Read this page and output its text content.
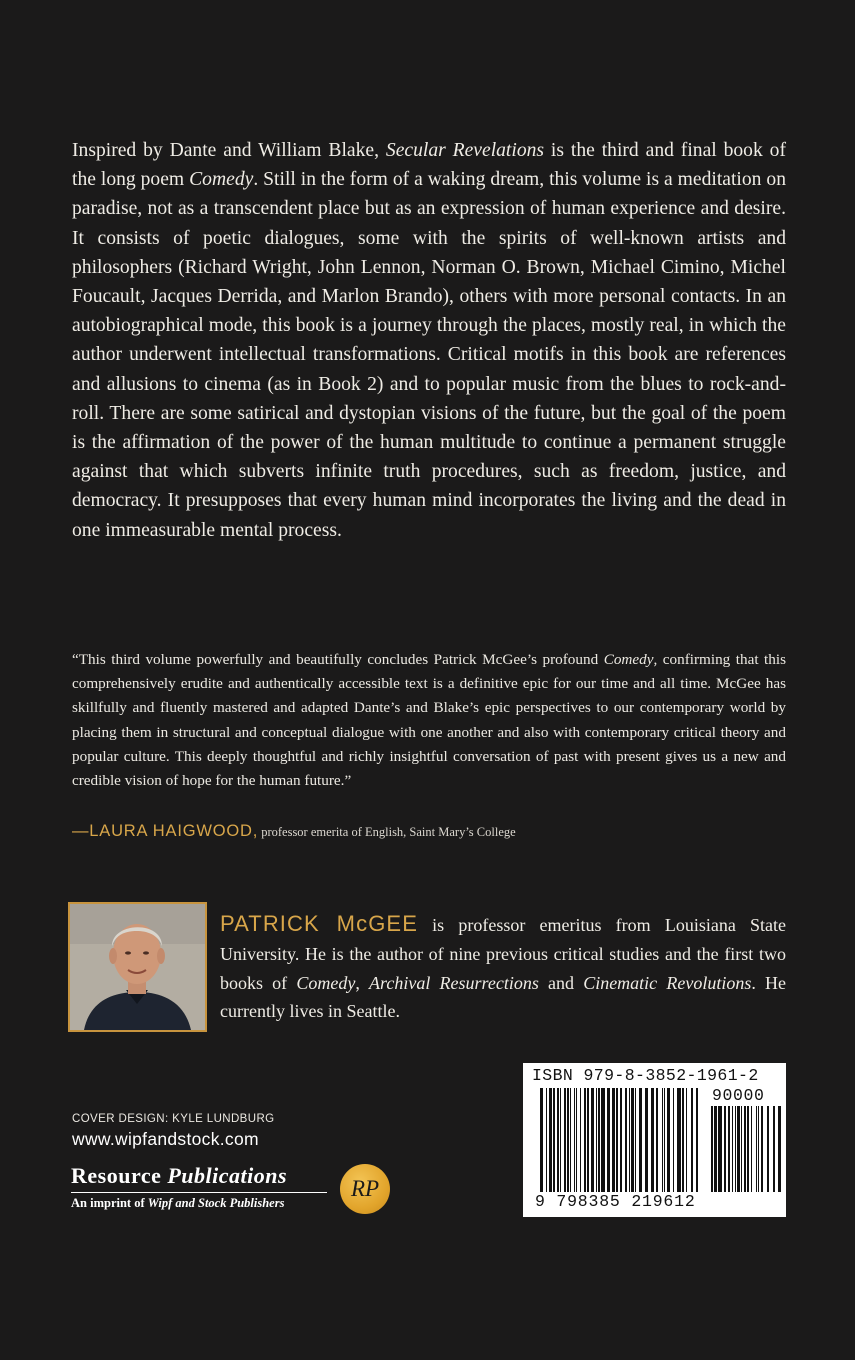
Inspired by Dante and William Blake, Secular Revelations is the third and final book of the long poem Comedy. Still in the form of a waking dream, this volume is a meditation on paradise, not as a transcendent place but as an expression of human experience and desire. It consists of poetic dialogues, some with the spirits of well-known artists and philosophers (Richard Wright, John Lennon, Norman O. Brown, Michael Cimino, Michel Foucault, Jacques Derrida, and Marlon Brando), others with more personal contacts. In an autobiographical mode, this book is a journey through the places, mostly real, in which the author underwent intellectual transformations. Critical motifs in this book are references and allusions to cinema (as in Book 2) and to popular music from the blues to rock-and-roll. There are some satirical and dystopian visions of the future, but the goal of the poem is the affirmation of the power of the human multitude to continue a permanent struggle against that which subverts infinite truth procedures, such as freedom, justice, and democracy. It presupposes that every human mind incorporates the living and the dead in one immeasurable mental process.

“This third volume powerfully and beautifully concludes Patrick McGee’s profound Comedy, confirming that this comprehensively erudite and authentically accessible text is a definitive epic for our time and all time. McGee has skillfully and fluently mastered and adapted Dante’s and Blake’s epic perspectives to our contemporary world by placing them in structural and conceptual dialogue with one another and also with contemporary critical theory and popular culture. This deeply thoughtful and richly insightful conversation of past with present gives us a new and credible vision of hope for the human future.”

—LAURA HAIGWOOD, professor emerita of English, Saint Mary’s College

PATRICK McGEE is professor emeritus from Louisiana State University. He is the author of nine previous critical studies and the first two books of Comedy, Archival Resurrections and Cinematic Revolutions. He currently lives in Seattle.

COVER DESIGN: KYLE LUNDBURG
www.wipfandstock.com
Resource Publications
An imprint of Wipf and Stock Publishers
RP
ISBN 979-8-3852-1961-2
90000
9 798385 219612
